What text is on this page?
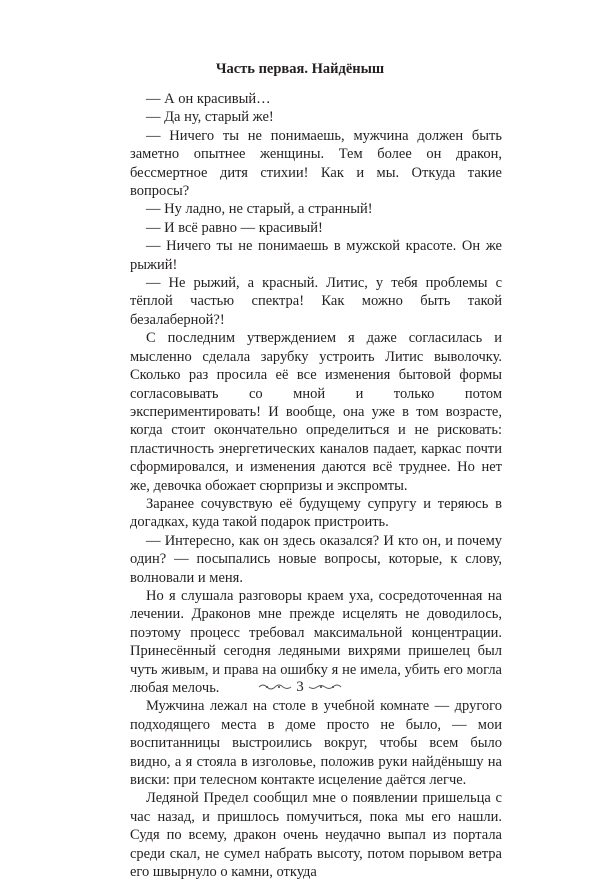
Часть первая. Найдёныш

— А он красивый…

— Да ну, старый же!

— Ничего ты не понимаешь, мужчина должен быть заметно опытнее женщины. Тем более он дракон, бессмертное дитя стихии! Как и мы. Откуда такие вопросы?

— Ну ладно, не старый, а странный!

— И всё равно — красивый!

— Ничего ты не понимаешь в мужской красоте. Он же рыжий!

— Не рыжий, а красный. Литис, у тебя проблемы с тёплой частью спектра! Как можно быть такой безалаберной?!

С последним утверждением я даже согласилась и мысленно сделала зарубку устроить Литис выволочку. Сколько раз просила её все изменения бытовой формы согласовывать со мной и только потом экспериментировать! И вообще, она уже в том возрасте, когда стоит окончательно определиться и не рисковать: пластичность энергетических каналов падает, каркас почти сформировался, и изменения даются всё труднее. Но нет же, девочка обожает сюрпризы и экспромты.

Заранее сочувствую её будущему супругу и теряюсь в догадках, куда такой подарок пристроить.

— Интересно, как он здесь оказался? И кто он, и почему один? — посыпались новые вопросы, которые, к слову, волновали и меня.

Но я слушала разговоры краем уха, сосредоточенная на лечении. Драконов мне прежде исцелять не доводилось, поэтому процесс требовал максимальной концентрации. Принесённый сегодня ледяными вихрями пришелец был чуть живым, и права на ошибку я не имела, убить его могла любая мелочь.

Мужчина лежал на столе в учебной комнате — другого подходящего места в доме просто не было, — мои воспитанницы выстроились вокруг, чтобы всем было видно, а я стояла в изголовье, положив руки найдёнышу на виски: при телесном контакте исцеление даётся легче.

Ледяной Предел сообщил мне о появлении пришельца с час назад, и пришлось помучиться, пока мы его нашли. Судя по всему, дракон очень неудачно выпал из портала среди скал, не сумел набрать высоту, потом порывом ветра его швырнуло о камни, откуда

3
